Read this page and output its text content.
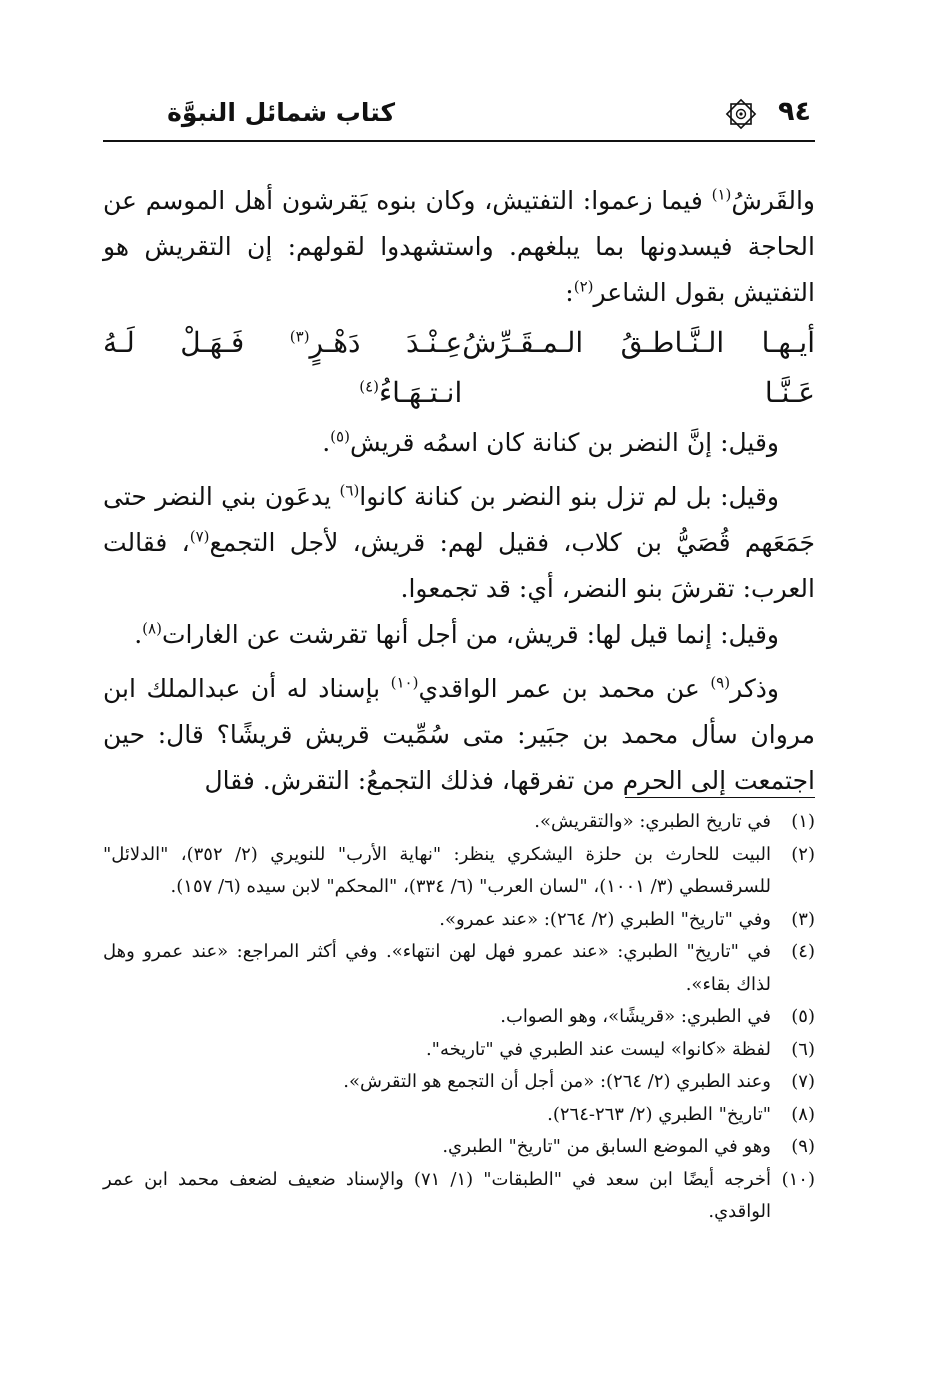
٩٤
كتاب شمائل النبوَّة

والقَرشُ$^{(١)}$ فيما زعموا: التفتيش، وكان بنوه يَقرشون أهل الموسم عن الحاجة فيسدونها بما يبلغهم. واستشهدوا لقولهم: إن التقريش هو التفتيش بقول الشاعر$^{(٢)}$:

أيـهـا الـنَّـاطـقُ الـمـقَـرِّشُ عَـنَّـا
عِـنْـدَ دَهْـرٍ$^{(٣)}$ فَـهَـلْ لَـهُ انـتـهَـاءُ$^{(٤)}$

وقيل: إنَّ النضر بن كنانة كان اسمُه قريش$^{(٥)}$.

وقيل: بل لم تزل بنو النضر بن كنانة كانوا$^{(٦)}$ يدعَون بني النضر حتى جَمَعَهم قُصَيُّ بن كلاب، فقيل لهم: قريش، لأجل التجمع$^{(٧)}$، فقالت العرب: تقرشَ بنو النضر، أي: قد تجمعوا.

وقيل: إنما قيل لها: قريش، من أجل أنها تقرشت عن الغارات$^{(٨)}$.

وذكر$^{(٩)}$ عن محمد بن عمر الواقدي$^{(١٠)}$ بإسناد له أن عبدالملك ابن مروان سأل محمد بن جبَير: متى سُمِّيت قريش قريشًا؟ قال: حين اجتمعت إلى الحرم من تفرقها، فذلك التجمعُ: التقرش. فقال

(١)
في تاريخ الطبري: «والتقريش».
(٢)
البيت للحارث بن حلزة اليشكري ينظر: "نهاية الأرب" للنويري (٢/ ٣٥٢)، "الدلائل" للسرقسطي (٣/ ١٠٠١)، "لسان العرب" (٦/ ٣٣٤)، "المحكم" لابن سيده (٦/ ١٥٧).
(٣)
وفي "تاريخ" الطبري (٢/ ٢٦٤): «عند عمرو».
(٤)
في "تاريخ" الطبري: «عند عمرو فهل لهن انتهاء». وفي أكثر المراجع: «عند عمرو وهل لذاك بقاء».
(٥)
في الطبري: «قريشًا»، وهو الصواب.
(٦)
لفظة «كانوا» ليست عند الطبري في "تاريخه".
(٧)
وعند الطبري (٢/ ٢٦٤): «من أجل أن التجمع هو التقرش».
(٨)
"تاريخ" الطبري (٢/ ٢٦٣-٢٦٤).
(٩)
وهو في الموضع السابق من "تاريخ" الطبري.
(١٠)
أخرجه أيضًا ابن سعد في "الطبقات" (١/ ٧١) والإسناد ضعيف لضعف محمد ابن عمر الواقدي.
